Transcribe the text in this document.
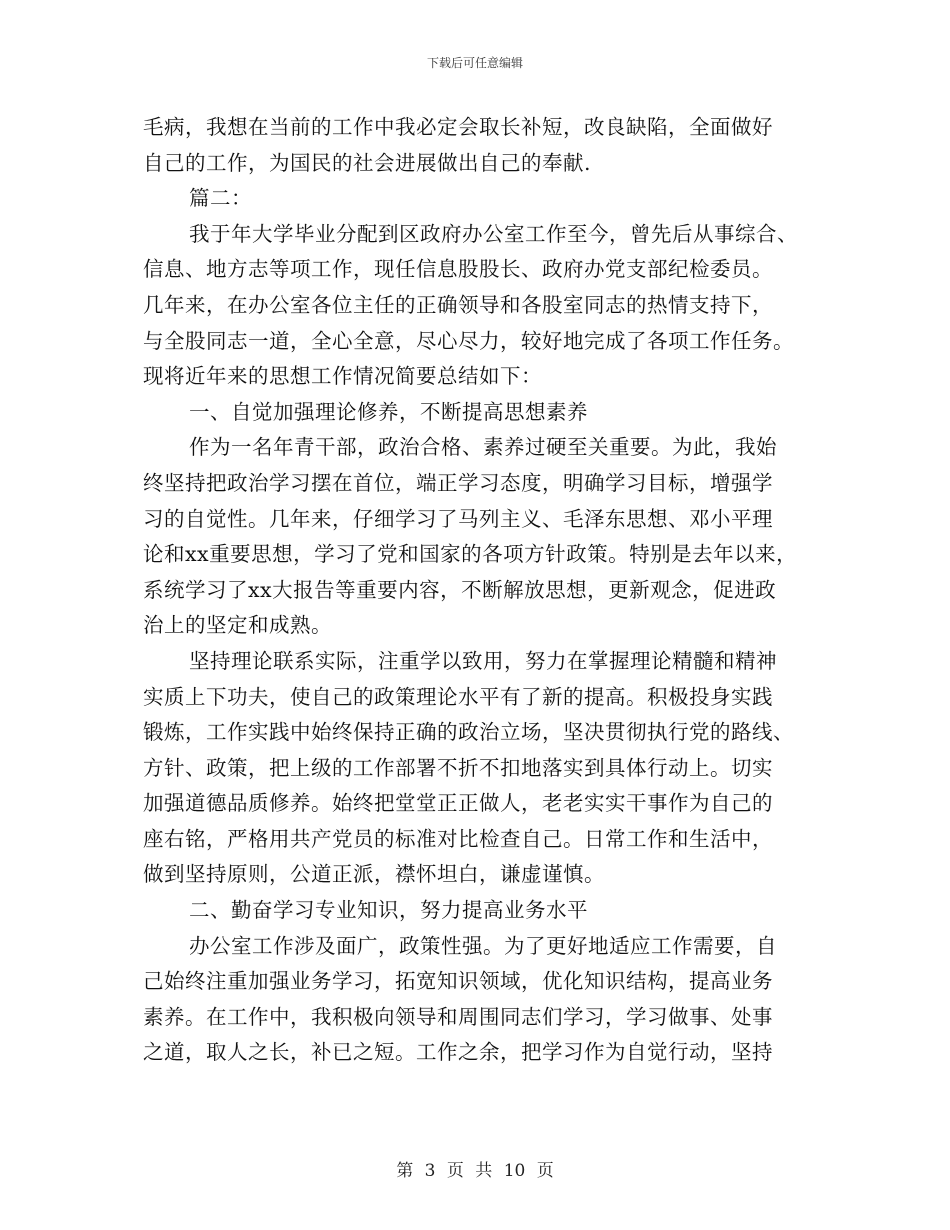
下载后可任意编辑
毛病，我想在当前的工作中我必定会取长补短，改良缺陷，全面做好
自己的工作，为国民的社会进展做出自己的奉献.
篇二：
我于年大学毕业分配到区政府办公室工作至今，曾先后从事综合、
信息、地方志等项工作，现任信息股股长、政府办党支部纪检委员。
几年来，在办公室各位主任的正确领导和各股室同志的热情支持下，
与全股同志一道，全心全意，尽心尽力，较好地完成了各项工作任务。
现将近年来的思想工作情况简要总结如下：
一、自觉加强理论修养，不断提高思想素养
作为一名年青干部，政治合格、素养过硬至关重要。为此，我始
终坚持把政治学习摆在首位，端正学习态度，明确学习目标，增强学
习的自觉性。几年来，仔细学习了马列主义、毛泽东思想、邓小平理
论和xx重要思想，学习了党和国家的各项方针政策。特别是去年以来，
系统学习了xx大报告等重要内容，不断解放思想，更新观念，促进政
治上的坚定和成熟。
坚持理论联系实际，注重学以致用，努力在掌握理论精髓和精神
实质上下功夫，使自己的政策理论水平有了新的提高。积极投身实践
锻炼，工作实践中始终保持正确的政治立场，坚决贯彻执行党的路线、
方针、政策，把上级的工作部署不折不扣地落实到具体行动上。切实
加强道德品质修养。始终把堂堂正正做人，老老实实干事作为自己的
座右铭，严格用共产党员的标准对比检查自己。日常工作和生活中，
做到坚持原则，公道正派，襟怀坦白，谦虚谨慎。
二、勤奋学习专业知识，努力提高业务水平
办公室工作涉及面广，政策性强。为了更好地适应工作需要，自
己始终注重加强业务学习，拓宽知识领域，优化知识结构，提高业务
素养。在工作中，我积极向领导和周围同志们学习，学习做事、处事
之道，取人之长，补已之短。工作之余，把学习作为自觉行动，坚持
第 3 页 共 10 页
